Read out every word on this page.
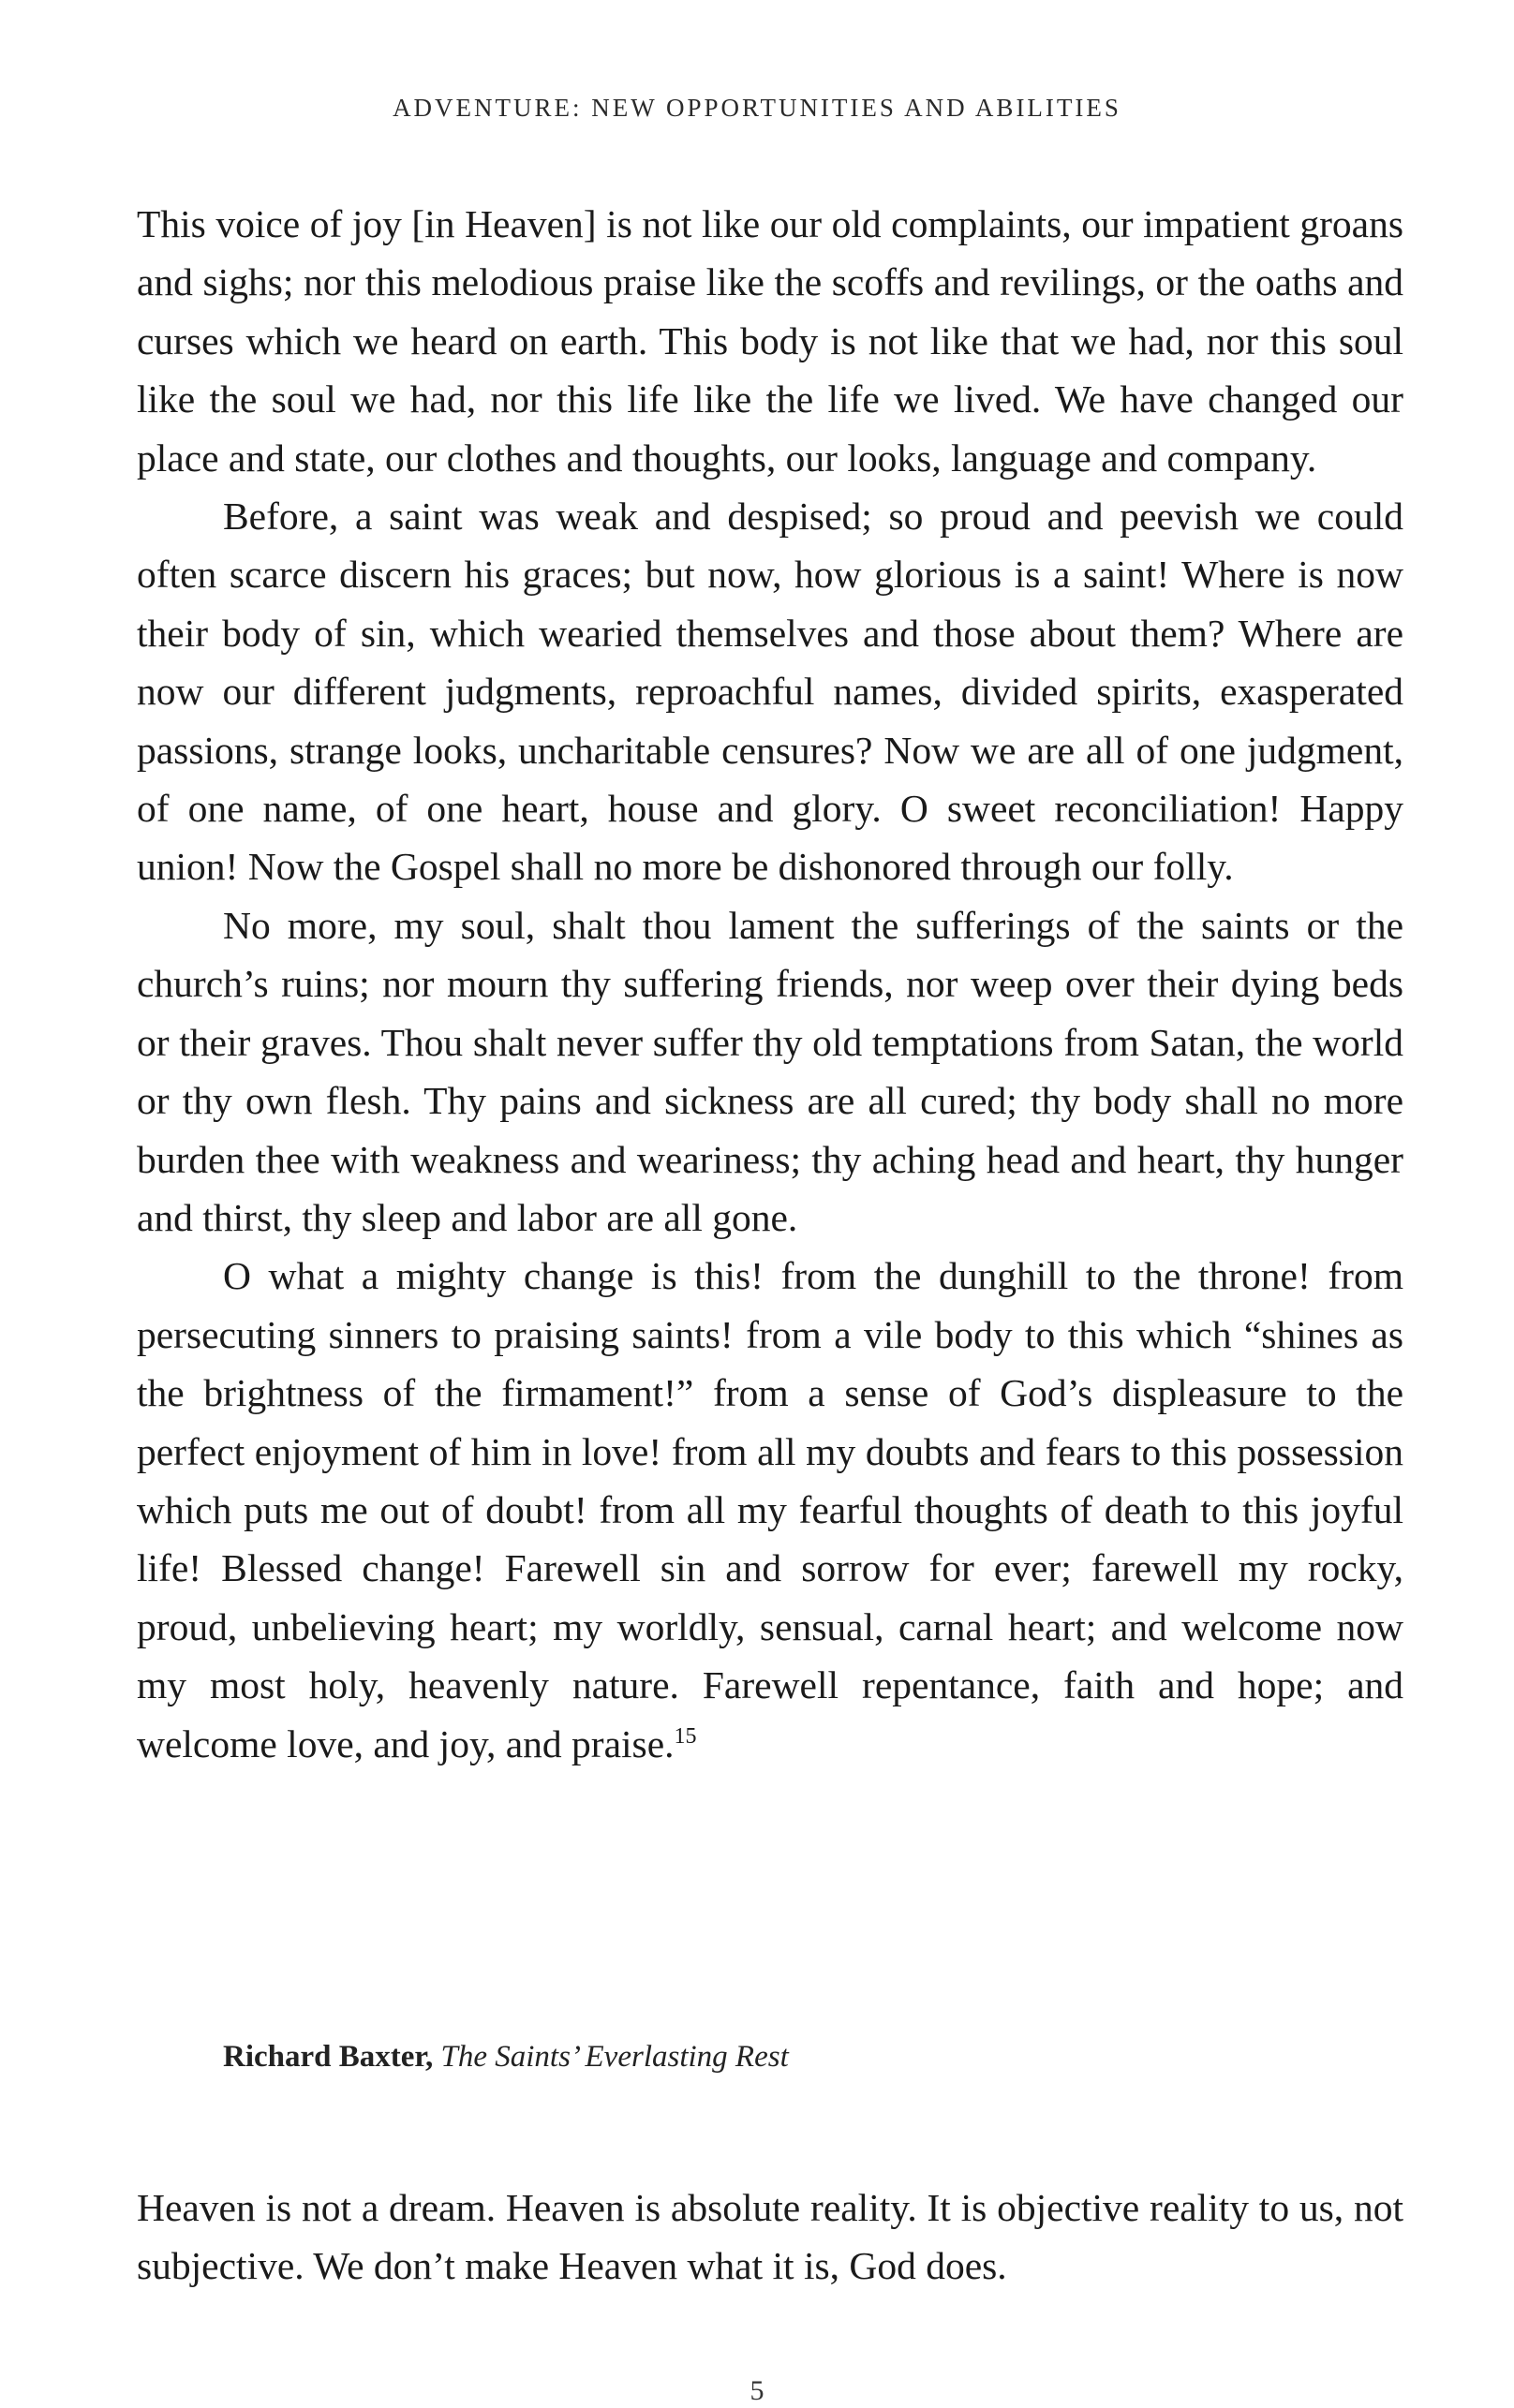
ADVENTURE: NEW OPPORTUNITIES AND ABILITIES

This voice of joy [in Heaven] is not like our old complaints, our impatient groans and sighs; nor this melodious praise like the scoffs and revilings, or the oaths and curses which we heard on earth. This body is not like that we had, nor this soul like the soul we had, nor this life like the life we lived. We have changed our place and state, our clothes and thoughts, our looks, language and company.

Before, a saint was weak and despised; so proud and peevish we could often scarce discern his graces; but now, how glorious is a saint! Where is now their body of sin, which wearied themselves and those about them? Where are now our different judgments, reproachful names, divided spirits, exasperated passions, strange looks, uncharitable censures? Now we are all of one judgment, of one name, of one heart, house and glory. O sweet reconciliation! Happy union! Now the Gospel shall no more be dishonored through our folly.

No more, my soul, shalt thou lament the sufferings of the saints or the church’s ruins; nor mourn thy suffering friends, nor weep over their dying beds or their graves. Thou shalt never suffer thy old temptations from Satan, the world or thy own flesh. Thy pains and sickness are all cured; thy body shall no more burden thee with weakness and weariness; thy aching head and heart, thy hunger and thirst, thy sleep and labor are all gone.

O what a mighty change is this! from the dunghill to the throne! from persecuting sinners to praising saints! from a vile body to this which “shines as the brightness of the firmament!” from a sense of God’s displeasure to the perfect enjoyment of him in love! from all my doubts and fears to this possession which puts me out of doubt! from all my fearful thoughts of death to this joyful life! Blessed change! Farewell sin and sorrow for ever; farewell my rocky, proud, unbelieving heart; my worldly, sensual, carnal heart; and welcome now my most holy, heavenly nature. Farewell repentance, faith and hope; and welcome love, and joy, and praise.$^{15}$

Richard Baxter, The Saints’ Everlasting Rest

Heaven is not a dream. Heaven is absolute reality. It is objective reality to us, not subjective. We don’t make Heaven what it is, God does.

5
